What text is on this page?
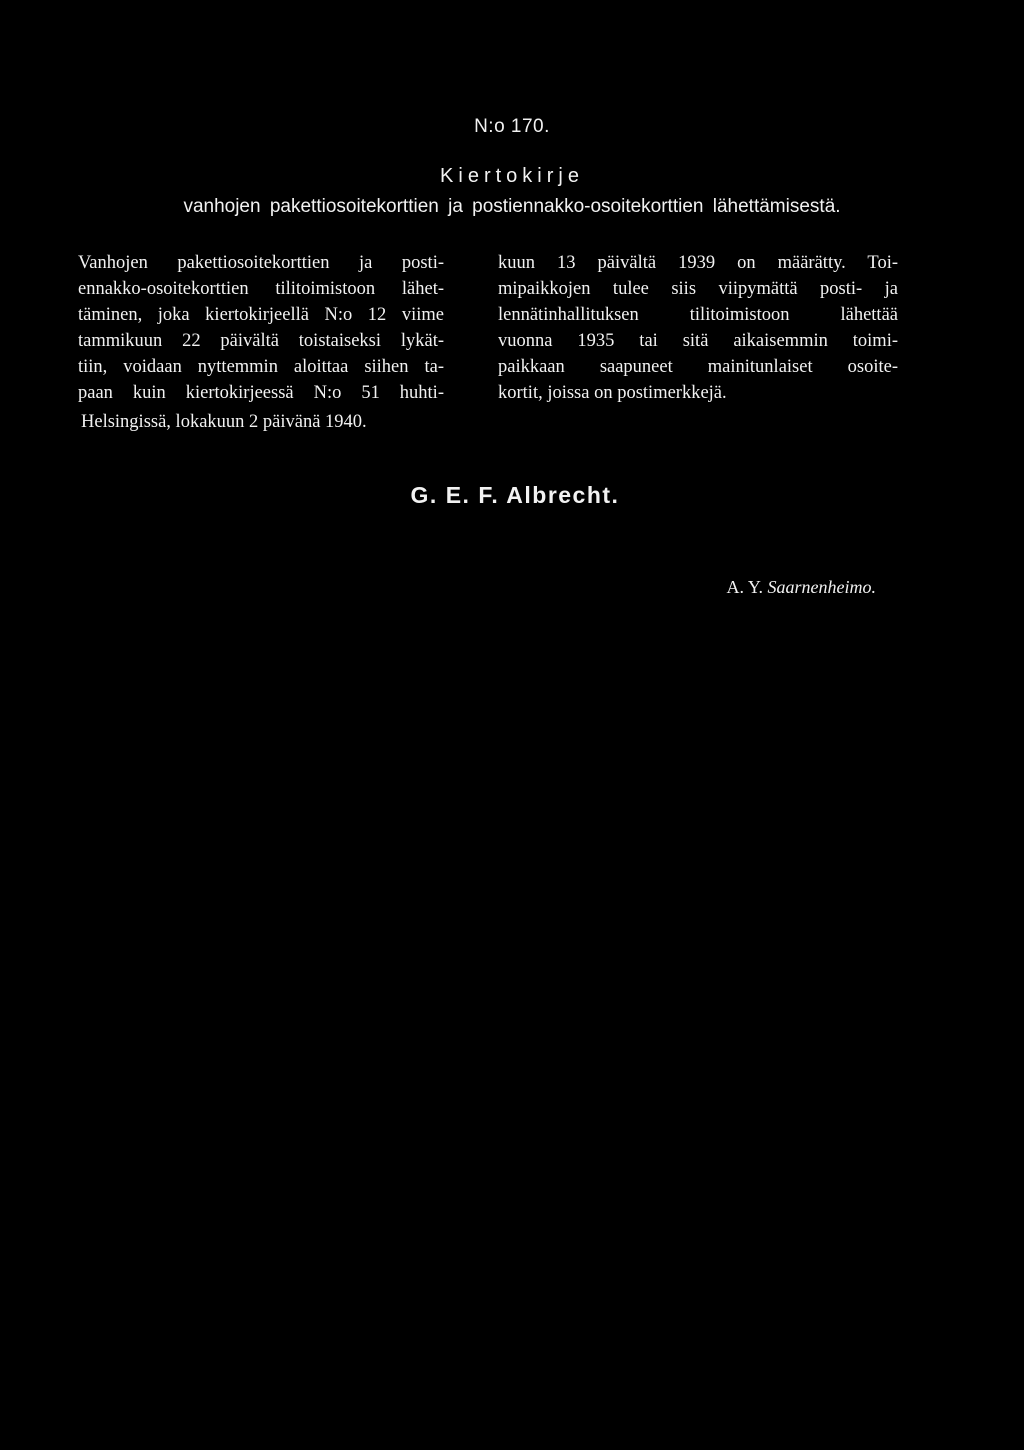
N:o 170.
Kiertokirje
vanhojen pakettiosoitekorttien ja postiennakko-osoitekorttien lähettämisestä.
Vanhojen pakettiosoitekorttien ja posti-
ennakko-osoitekorttien tilitoimistoon lähet-
täminen, joka kiertokirjeellä N:o 12 viime
tammikuun 22 päivältä toistaiseksi lykät-
tiin, voidaan nyttemmin aloittaa siihen ta-
paan kuin kiertokirjeessä N:o 51 huhti-
kuun 13 päivältä 1939 on määrätty. Toi-
mipaikkojen tulee siis viipymättä posti- ja
lennätinhallituksen tilitoimistoon lähettää
vuonna 1935 tai sitä aikaisemmin toimi-
paikkaan saapuneet mainitunlaiset osoite-
kortit, joissa on postimerkkejä.
Helsingissä, lokakuun 2 päivänä 1940.
G. E. F. Albrecht.
A. Y. Saarnenheimo.
